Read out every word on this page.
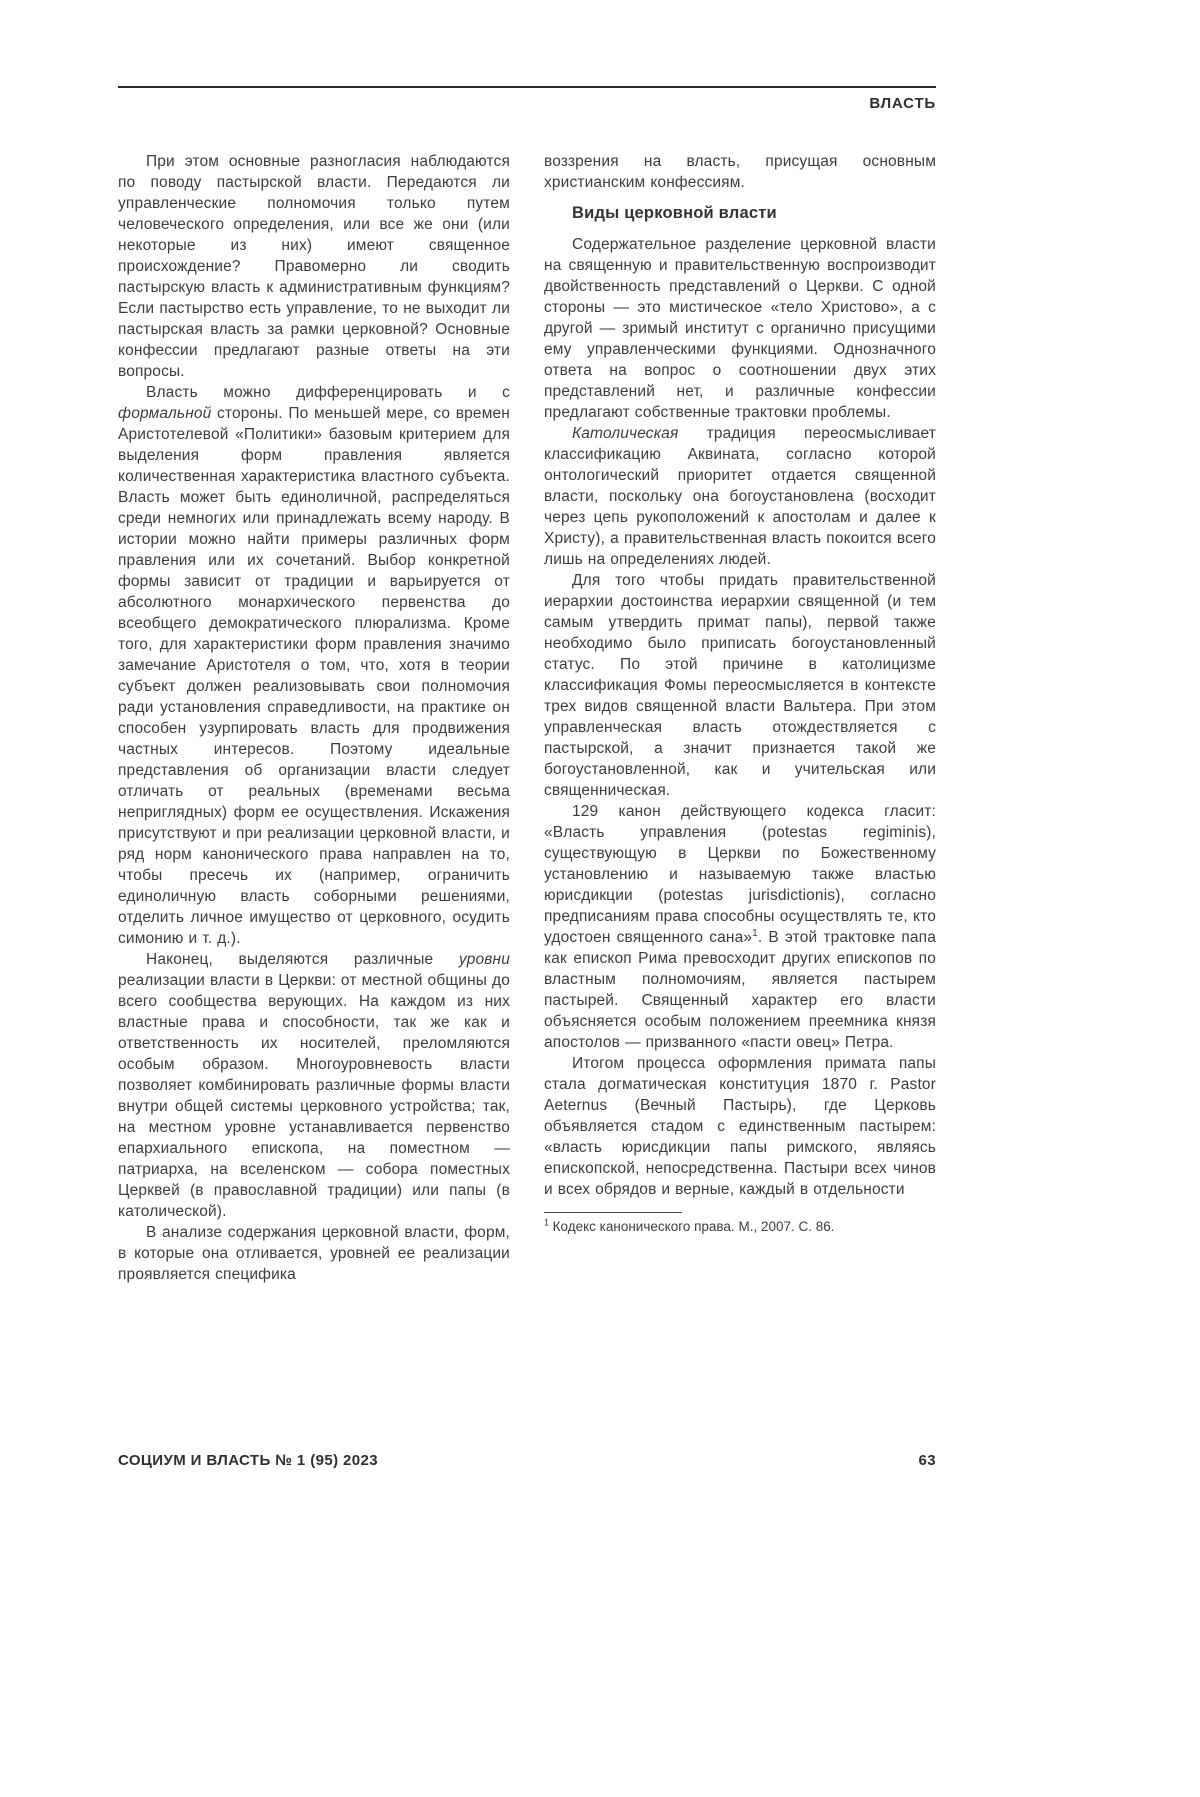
ВЛАСТЬ

При этом основные разногласия наблюдаются по поводу пастырской власти. Передаются ли управленческие полномочия только путем человеческого определения, или все же они (или некоторые из них) имеют священное происхождение? Правомерно ли сводить пастырскую власть к административным функциям? Если пастырство есть управление, то не выходит ли пастырская власть за рамки церковной? Основные конфессии предлагают разные ответы на эти вопросы.

Власть можно дифференцировать и с формальной стороны. По меньшей мере, со времен Аристотелевой «Политики» базовым критерием для выделения форм правления является количественная характеристика властного субъекта. Власть может быть единоличной, распределяться среди немногих или принадлежать всему народу. В истории можно найти примеры различных форм правления или их сочетаний. Выбор конкретной формы зависит от традиции и варьируется от абсолютного монархического первенства до всеобщего демократического плюрализма. Кроме того, для характеристики форм правления значимо замечание Аристотеля о том, что, хотя в теории субъект должен реализовывать свои полномочия ради установления справедливости, на практике он способен узурпировать власть для продвижения частных интересов. Поэтому идеальные представления об организации власти следует отличать от реальных (временами весьма неприглядных) форм ее осуществления. Искажения присутствуют и при реализации церковной власти, и ряд норм канонического права направлен на то, чтобы пресечь их (например, ограничить единоличную власть соборными решениями, отделить личное имущество от церковного, осудить симонию и т. д.).

Наконец, выделяются различные уровни реализации власти в Церкви: от местной общины до всего сообщества верующих. На каждом из них властные права и способности, так же как и ответственность их носителей, преломляются особым образом. Многоуровневость власти позволяет комбинировать различные формы власти внутри общей системы церковного устройства; так, на местном уровне устанавливается первенство епархиального епископа, на поместном — патриарха, на вселенском — собора поместных Церквей (в православной традиции) или папы (в католической).

В анализе содержания церковной власти, форм, в которые она отливается, уровней ее реализации проявляется специфика

воззрения на власть, присущая основным христианским конфессиям.

Виды церковной власти

Содержательное разделение церковной власти на священную и правительственную воспроизводит двойственность представлений о Церкви. С одной стороны — это мистическое «тело Христово», а с другой — зримый институт с органично присущими ему управленческими функциями. Однозначного ответа на вопрос о соотношении двух этих представлений нет, и различные конфессии предлагают собственные трактовки проблемы.

Католическая традиция переосмысливает классификацию Аквината, согласно которой онтологический приоритет отдается священной власти, поскольку она богоустановлена (восходит через цепь рукоположений к апостолам и далее к Христу), а правительственная власть покоится всего лишь на определениях людей.

Для того чтобы придать правительственной иерархии достоинства иерархии священной (и тем самым утвердить примат папы), первой также необходимо было приписать богоустановленный статус. По этой причине в католицизме классификация Фомы переосмысляется в контексте трех видов священной власти Вальтера. При этом управленческая власть отождествляется с пастырской, а значит признается такой же богоустановленной, как и учительская или священническая.

129 канон действующего кодекса гласит: «Власть управления (potestas regiminis), существующую в Церкви по Божественному установлению и называемую также властью юрисдикции (potestas jurisdictionis), согласно предписаниям права способны осуществлять те, кто удостоен священного сана»$^1$. В этой трактовке папа как епископ Рима превосходит других епископов по властным полномочиям, является пастырем пастырей. Священный характер его власти объясняется особым положением преемника князя апостолов — призванного «пасти овец» Петра.

Итогом процесса оформления примата папы стала догматическая конституция 1870 г. Pastor Aeternus (Вечный Пастырь), где Церковь объявляется стадом с единственным пастырем: «власть юрисдикции папы римского, являясь епископской, непосредственна. Пастыри всех чинов и всех обрядов и верные, каждый в отдельности

$^1$ Кодекс канонического права. М., 2007. С. 86.

СОЦИУМ И ВЛАСТЬ № 1 (95) 2023	63
